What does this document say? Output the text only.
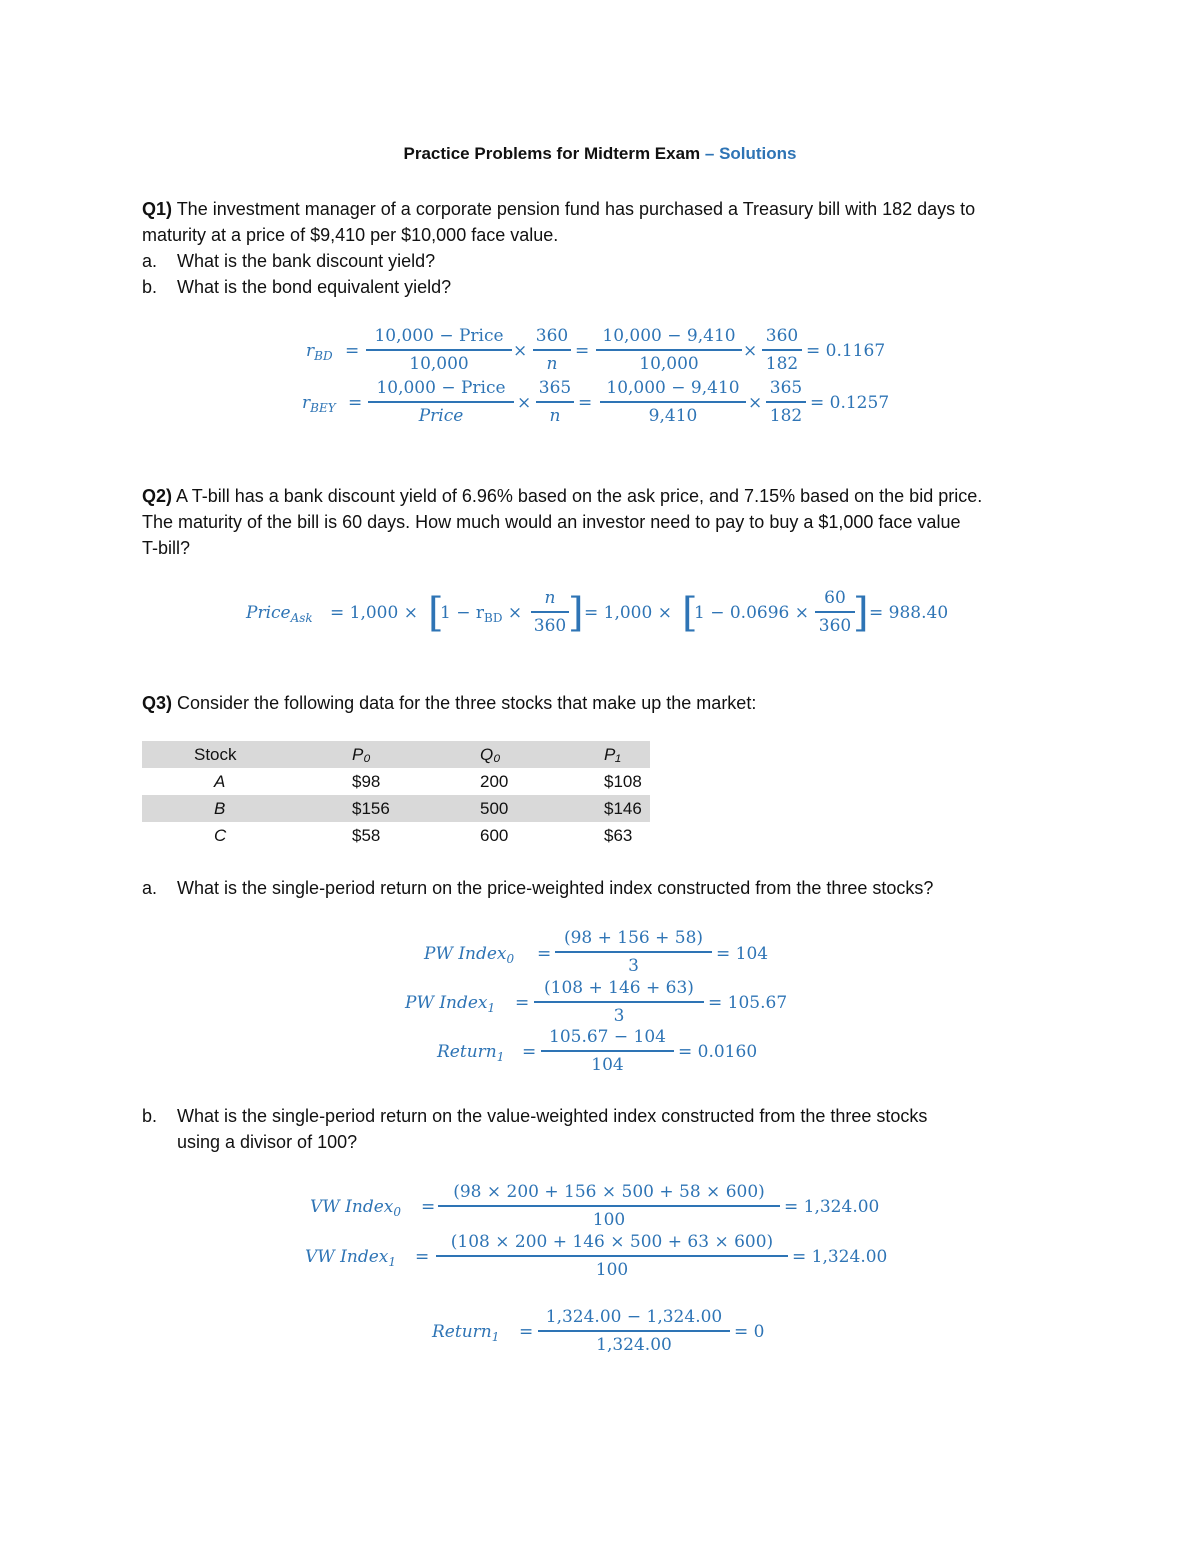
Practice Problems for Midterm Exam – Solutions
Q1) The investment manager of a corporate pension fund has purchased a Treasury bill with 182 days to
maturity at a price of $9,410 per $10,000 face value.
a. What is the bank discount yield?
b. What is the bond equivalent yield?
$r_{BD}$ =
10,000 − Price
10,000
×
360
n
=
10,000 − 9,410
10,000
×
360
182
= 0.1167
$r_{BEY}$ =
10,000 − Price
Price
×
365
n
=
10,000 − 9,410
9,410
×
365
182
= 0.1257
Q2) A T-bill has a bank discount yield of 6.96% based on the ask price, and 7.15% based on the bid price.
The maturity of the bill is 60 days. How much would an investor need to pay to buy a $1,000 face value
T-bill?
Price$_{Ask}$ = 1,000 × [
$1 - r_{BD}$ ×
n
360 ] = 1,000 × [
1 − 0.0696 ×
60
360 ] = 988.40
Q3) Consider the following data for the three stocks that make up the market:
Stock	P₀	Q₀	P₁
A	$98	200	$108
B	$156	500	$146
C	$58	600	$63
a. What is the single-period return on the price-weighted index constructed from the three stocks?
PW Index$_0$ =
(98 + 156 + 58)
3
= 104
PW Index$_1$ =
(108 + 146 + 63)
3
= 105.67
Return$_1$ =
105.67 − 104
104
= 0.0160
b. What is the single-period return on the value-weighted index constructed from the three stocks
using a divisor of 100?
VW Index$_0$ =
(98 × 200 + 156 × 500 + 58 × 600)
100
= 1,324.00
VW Index$_1$ =
(108 × 200 + 146 × 500 + 63 × 600)
100
= 1,324.00
Return$_1$ =
1,324.00 − 1,324.00
1,324.00
= 0
